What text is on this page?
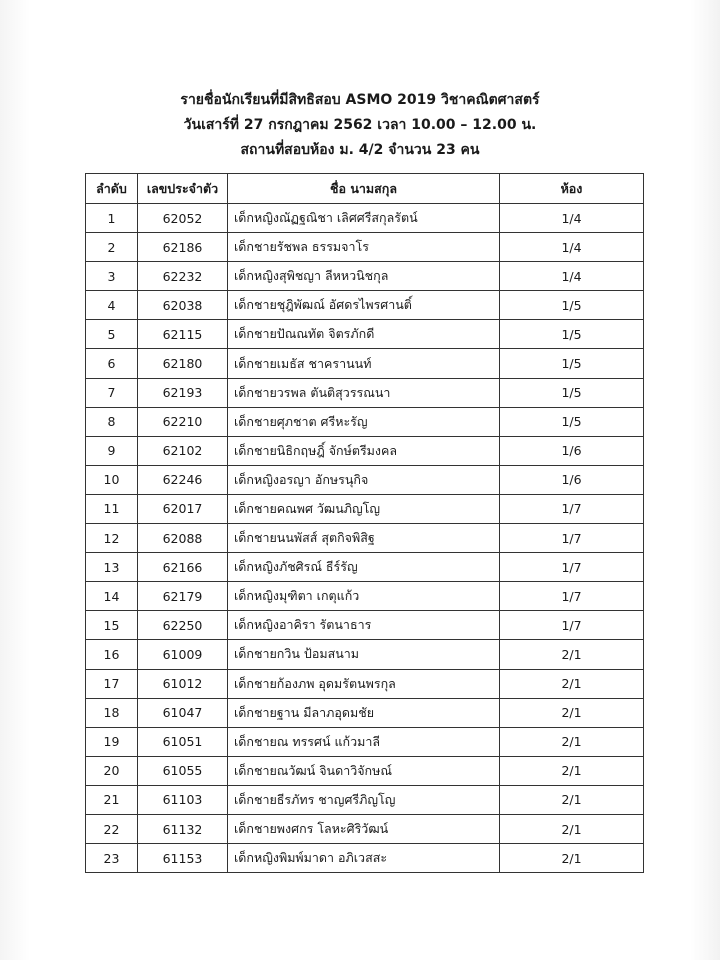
รายชื่อนักเรียนที่มีสิทธิสอบ ASMO 2019 วิชาคณิตศาสตร์
วันเสาร์ที่ 27 กรกฎาคม 2562 เวลา 10.00 – 12.00 น.
สถานที่สอบห้อง ม. 4/2 จำนวน 23 คน
ลำดับ	เลขประจำตัว	ชื่อ นามสกุล	ห้อง
1	62052	เด็กหญิงณัฏฐณิชา เลิศศรีสกุลรัตน์	1/4
2	62186	เด็กชายรัชพล ธรรมจาโร	1/4
3	62232	เด็กหญิงสุพิชญา ลีหหวนิชกุล	1/4
4	62038	เด็กชายชุฎิพัฒณ์ อัศดรไพรศานติ์	1/5
5	62115	เด็กชายปัณณทัต จิตรภักดี	1/5
6	62180	เด็กชายเมธัส ชาครานนท์	1/5
7	62193	เด็กชายวรพล ตันติสุวรรณนา	1/5
8	62210	เด็กชายศุภชาต ศรีหะรัญ	1/5
9	62102	เด็กชายนิธิกฤษฎิ์ จักษ์ตรีมงคล	1/6
10	62246	เด็กหญิงอรญา อักษรนุกิจ	1/6
11	62017	เด็กชายคณพศ วัฒนภิญโญ	1/7
12	62088	เด็กชายนนพัสส์ สุตกิจพิสิฐ	1/7
13	62166	เด็กหญิงภัชศิรณ์ ธีร์รัญ	1/7
14	62179	เด็กหญิงมุฑิตา เกตุแก้ว	1/7
15	62250	เด็กหญิงอาคิรา รัตนาธาร	1/7
16	61009	เด็กชายกวิน ป้อมสนาม	2/1
17	61012	เด็กชายก้องภพ อุดมรัตนพรกุล	2/1
18	61047	เด็กชายฐาน มีลาภอุดมชัย	2/1
19	61051	เด็กชายณ ทรรศน์ แก้วมาลี	2/1
20	61055	เด็กชายณวัฒน์ จินดาวิจักษณ์	2/1
21	61103	เด็กชายธีรภัทร ชาญศรีภิญโญ	2/1
22	61132	เด็กชายพงศกร โลหะศิริวัฒน์	2/1
23	61153	เด็กหญิงพิมพ์มาดา อภิเวสสะ	2/1
